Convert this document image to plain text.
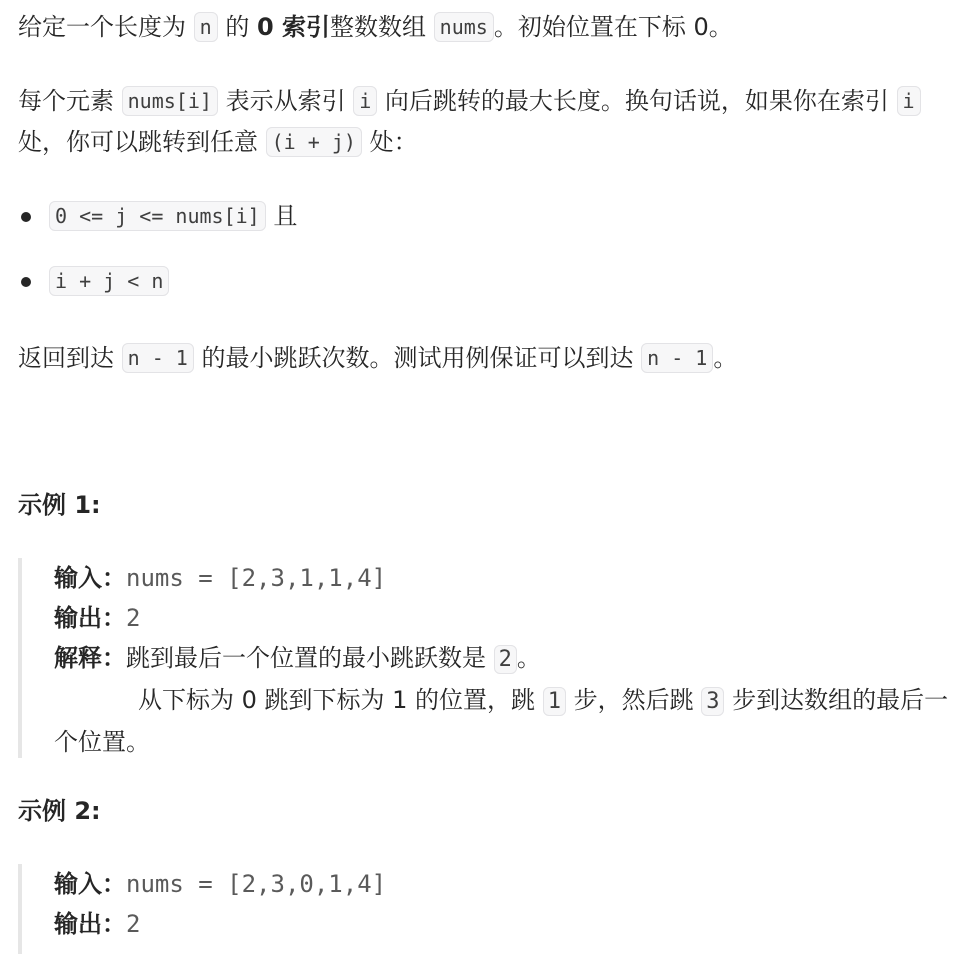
给定一个长度为 n 的 0 索引整数数组 nums 。初始位置在下标 0。

每个元素 nums[i] 表示从索引 i 向后跳转的最大长度。换句话说，如果你在索引 i 处，你可以跳转到任意 (i + j) 处：

0 <= j <= nums[i] 且
i + j < n

返回到达 n - 1 的最小跳跃次数。测试用例保证可以到达 n - 1 。

示例 1:

输入：nums = [2,3,1,1,4]
输出：2
解释：跳到最后一个位置的最小跳跃数是 2 。
从下标为 0 跳到下标为 1 的位置，跳 1 步，然后跳 3 步到达数组的最后一个位置。

示例 2:

输入：nums = [2,3,0,1,4]
输出：2
